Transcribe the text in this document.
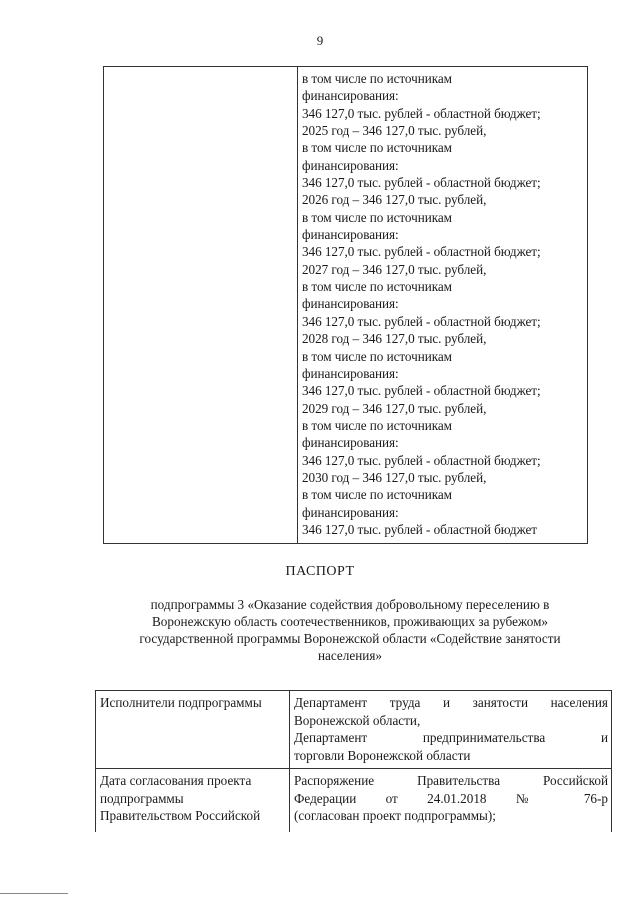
9

в том числе по источникам
финансирования:
346 127,0 тыс. рублей - областной бюджет;
2025 год – 346 127,0 тыс. рублей,
в том числе по источникам
финансирования:
346 127,0 тыс. рублей - областной бюджет;
2026 год – 346 127,0 тыс. рублей,
в том числе по источникам
финансирования:
346 127,0 тыс. рублей - областной бюджет;
2027 год – 346 127,0 тыс. рублей,
в том числе по источникам
финансирования:
346 127,0 тыс. рублей - областной бюджет;
2028 год – 346 127,0 тыс. рублей,
в том числе по источникам
финансирования:
346 127,0 тыс. рублей - областной бюджет;
2029 год – 346 127,0 тыс. рублей,
в том числе по источникам
финансирования:
346 127,0 тыс. рублей - областной бюджет;
2030 год – 346 127,0 тыс. рублей,
в том числе по источникам
финансирования:
346 127,0 тыс. рублей - областной бюджет
ПАСПОРТ
подпрограммы 3 «Оказание содействия добровольному переселению в
Воронежскую область соотечественников, проживающих за рубежом»
государственной программы Воронежской области «Содействие занятости
населения»
Исполнители подпрограммы	Департамент труда и занятости населения
Воронежской области,
Департамент предпринимательства и
торговли Воронежской области

Дата согласования проекта
подпрограммы
Правительством Российской	Распоряжение Правительства Российской
Федерации от 24.01.2018 № 76-р
(согласован проект подпрограммы);
